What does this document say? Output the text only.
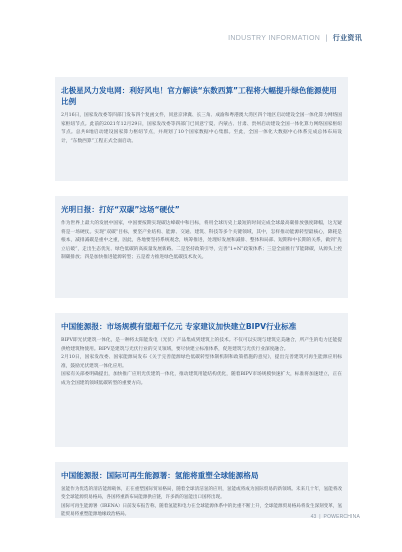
INDUSTRY INFORMATION | 行业资讯
北极星风力发电网：利好风电！官方解读“东数西算”工程将大幅提升绿色能源使用比例
2月16日，国家发改委等四部门发布四个复函文件，同意京津冀、长三角、成渝和粤港澳大湾区四个地区启动建设全国一体化算力网络国家枢纽节点。此前的2021年12月29日，国家发改委等四部门已同意宁夏、内蒙古、甘肃、贵州启动建设全国一体化算力网络国家枢纽节点。总共8地启动建设国家算力枢纽节点，并规划了10个国家数据中心集群。至此，全国一体化大数据中心体系完成总体布局设计，“东数西算”工程正式全面启动。
光明日报：打好“双碳”这场“硬仗”
作为世界上最大的发展中国家，中国要按期实现碳达峰碳中和目标，将用全球历史上最短的时间完成全球最高碳排放强度降幅，这无疑将是一场硬仗。实现“双碳”目标，要坚产业结构、能源、交通、建筑、科技等多个关键领域，其中，怎样推动能源转型最核心，降耗是根本，减排减碳是重中之重，因此，各地要坚持系统观念，统筹推进，处理好发展和减排、整体和局部、短期和中长期的关系，做到“先立后破”，走出生态优先、绿色低碳的高质量发展新路。二是坚持政策引导，完善“1+N”政策体系；三是全面推行节能降碳，从源头上控制碳排放；四是加快推进能源转型；五是着力推进绿色低碳技术攻关。
中国能源报：市场规模有望超千亿元 专家建议加快建立BIPV行业标准
BIPV即光伏建筑一体化，是一种将太阳能发电（光伏）产品集成到建筑上的技术。不仅可以实现与建筑完美融合，所产生的电力还能提供给建筑物使用。BIPV是建筑与光伏行业的交叉领域，要尽快建立标准体系，促进建筑与光伏行业深度融合。
2月10日，国家发改委、国家能源局发布《关于完善能源绿色低碳转型体制机制和政策措施的意见》，提出完善建筑可再生能源应用标准，鼓励光伏建筑一体化应用。
国家有关部委明确提出，加快推广应用光伏建筑一体化，推动建筑用能结构优化，随着BIPV市场规模快速扩大，标准将加速建立，正在成为全国建筑领域低碳转型的重要方向。
中国能源报：国际可再生能源署：氢能将重塑全球能源格局
氢能作为优选的清洁能源载体，正在重塑国际贸易格局，随着全球清洁氢的应用，氢能或将成为国际贸易的新领域。未来几十年，氢能将改变全球能源贸易格局，各国将重新布局能源供应链，许多新的氢能出口国将出现。
国际可再生能源署（IRENA）日前发布报告称，随着氢能和电力在全球能源体系中的比重不断上升，全球能源贸易格局将发生深刻变革，氢能贸易将重塑能源地缘政治格局。	43 | POWERCHINA
